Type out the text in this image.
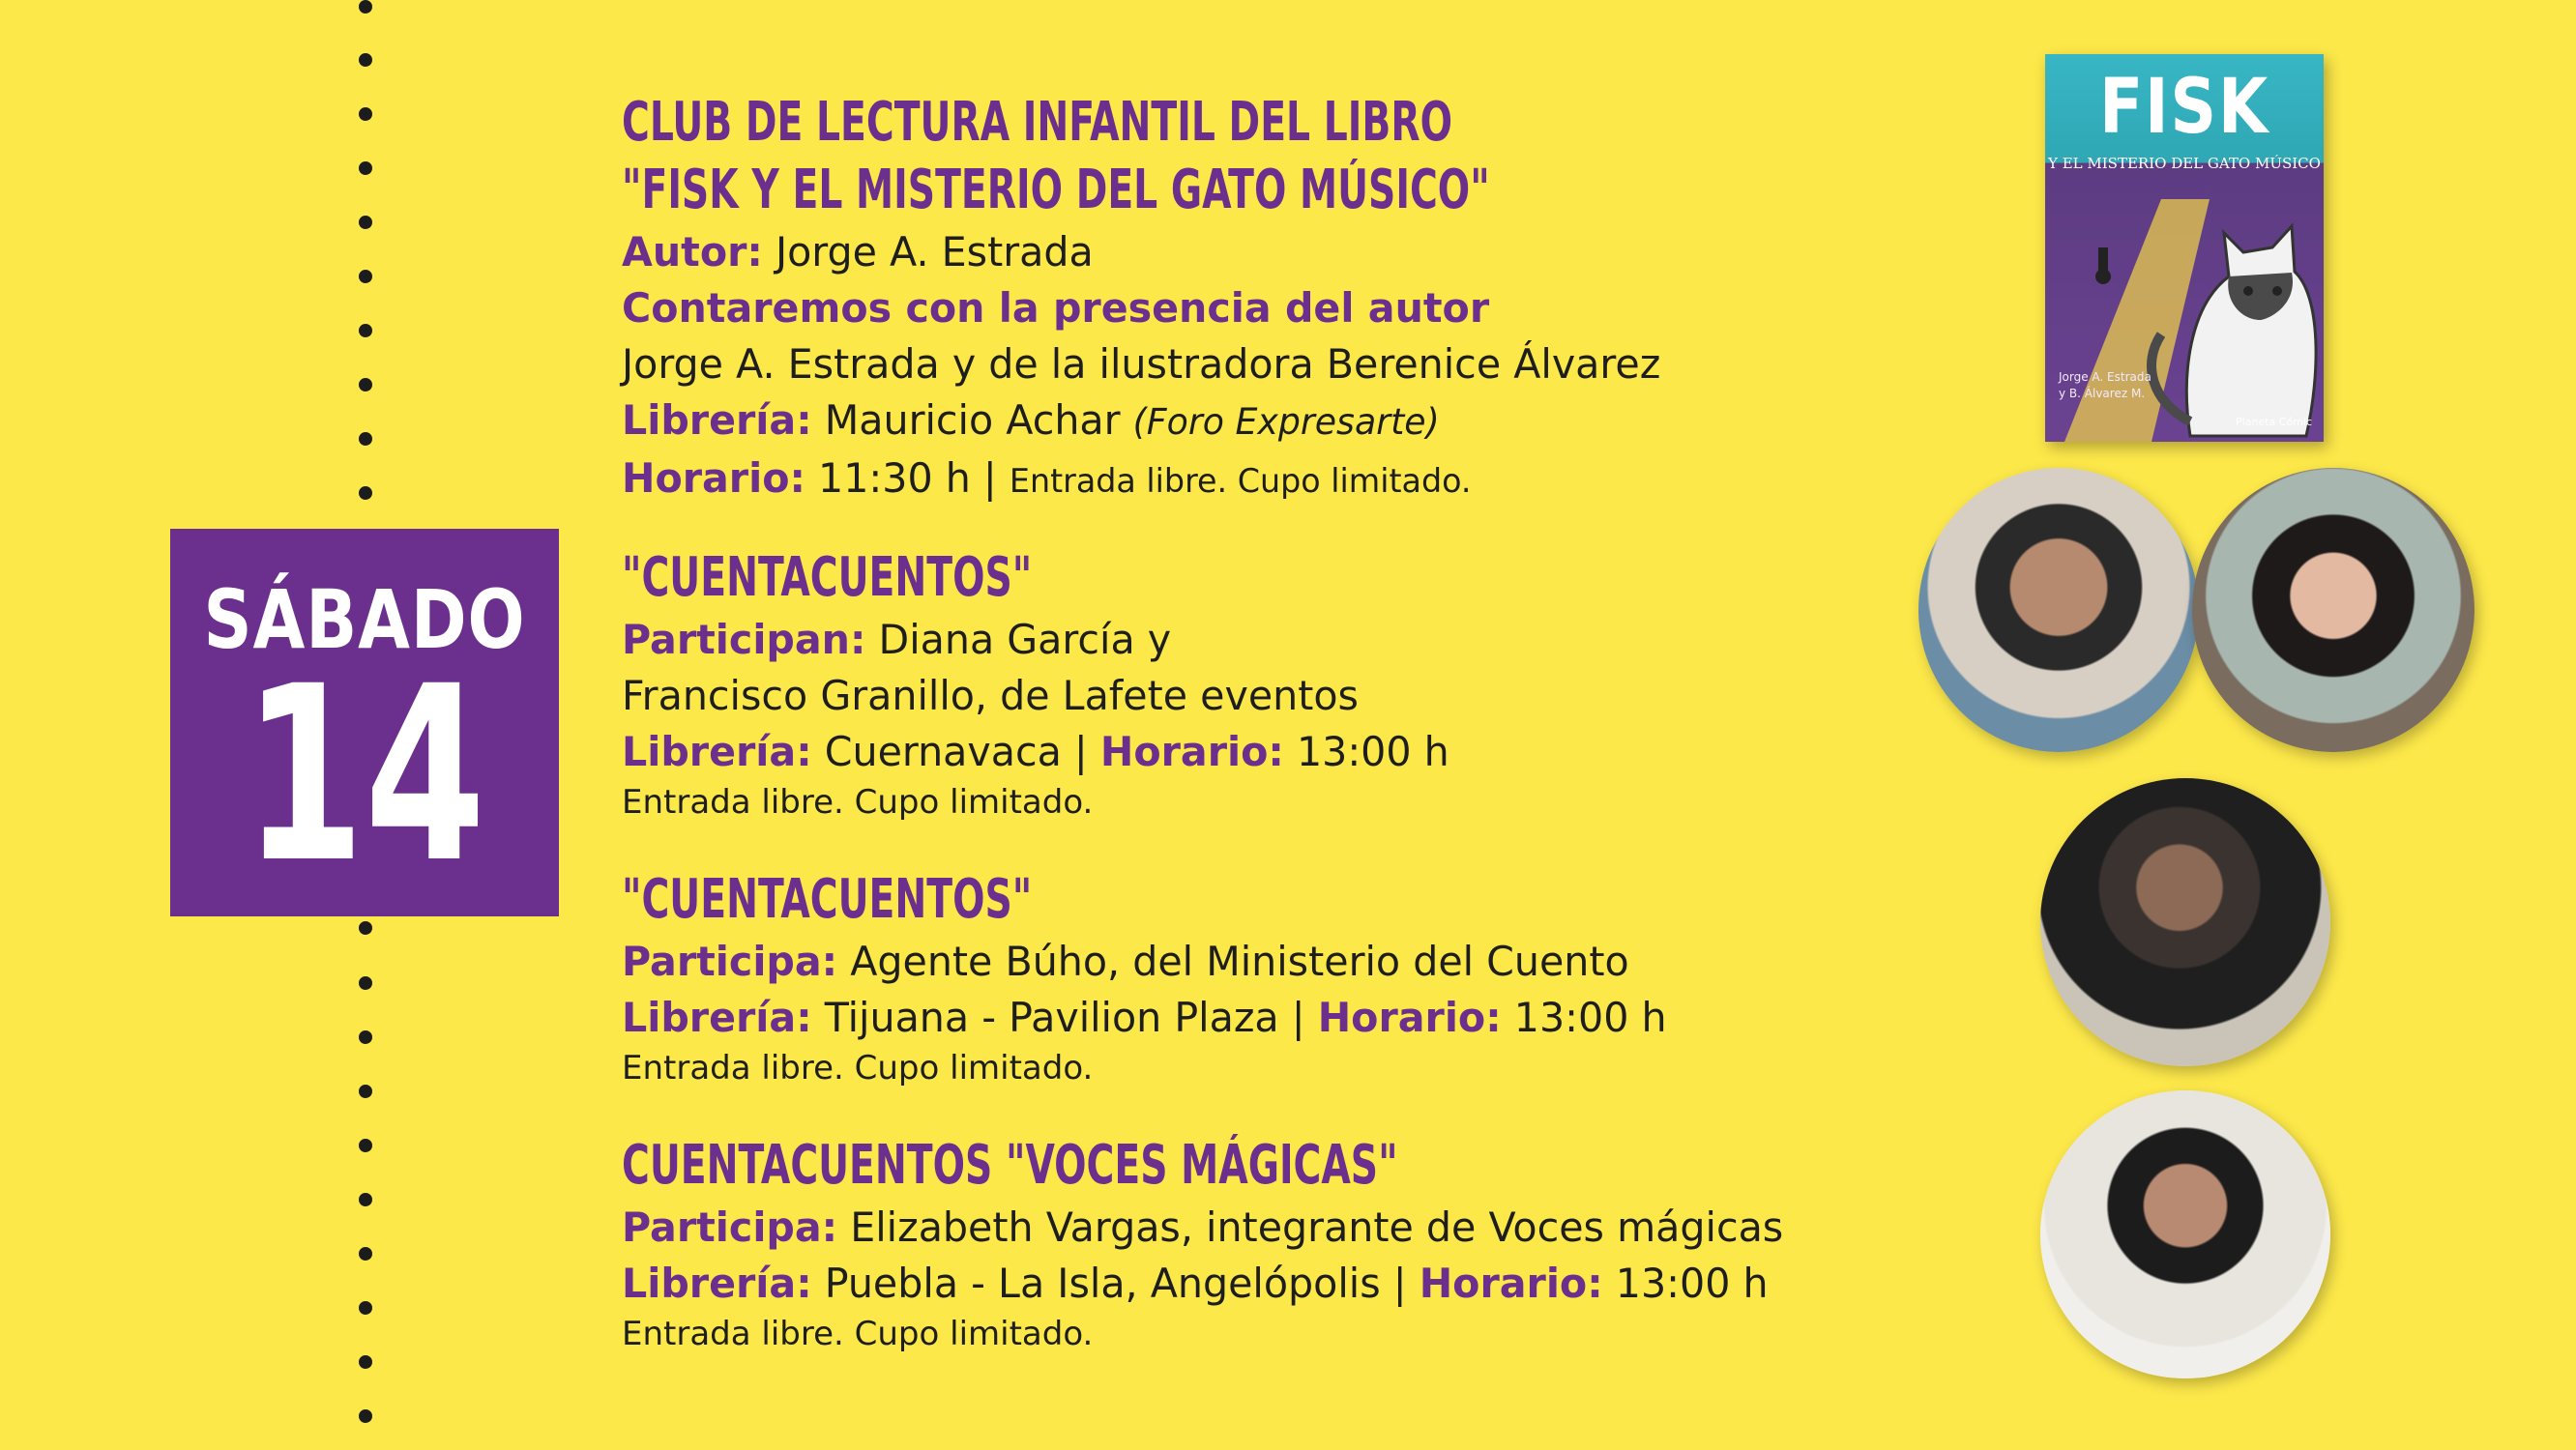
SÁBADO
14
CLUB DE LECTURA INFANTIL DEL LIBRO
"FISK Y EL MISTERIO DEL GATO MÚSICO"
Autor: Jorge A. Estrada
Contaremos con la presencia del autor
Jorge A. Estrada y de la ilustradora Berenice Álvarez
Librería: Mauricio Achar (Foro Expresarte)
Horario: 11:30 h | Entrada libre. Cupo limitado.
"CUENTACUENTOS"
Participan: Diana García y
Francisco Granillo, de Lafete eventos
Librería: Cuernavaca | Horario: 13:00 h
Entrada libre. Cupo limitado.
"CUENTACUENTOS"
Participa: Agente Búho, del Ministerio del Cuento
Librería: Tijuana - Pavilion Plaza | Horario: 13:00 h
Entrada libre. Cupo limitado.
CUENTACUENTOS "VOCES MÁGICAS"
Participa: Elizabeth Vargas, integrante de Voces mágicas
Librería: Puebla - La Isla, Angelópolis | Horario: 13:00 h
Entrada libre. Cupo limitado.
FISK
Y EL MISTERIO DEL GATO MÚSICO
Jorge A. Estrada
y B. Álvarez M.
Planeta Cómic
